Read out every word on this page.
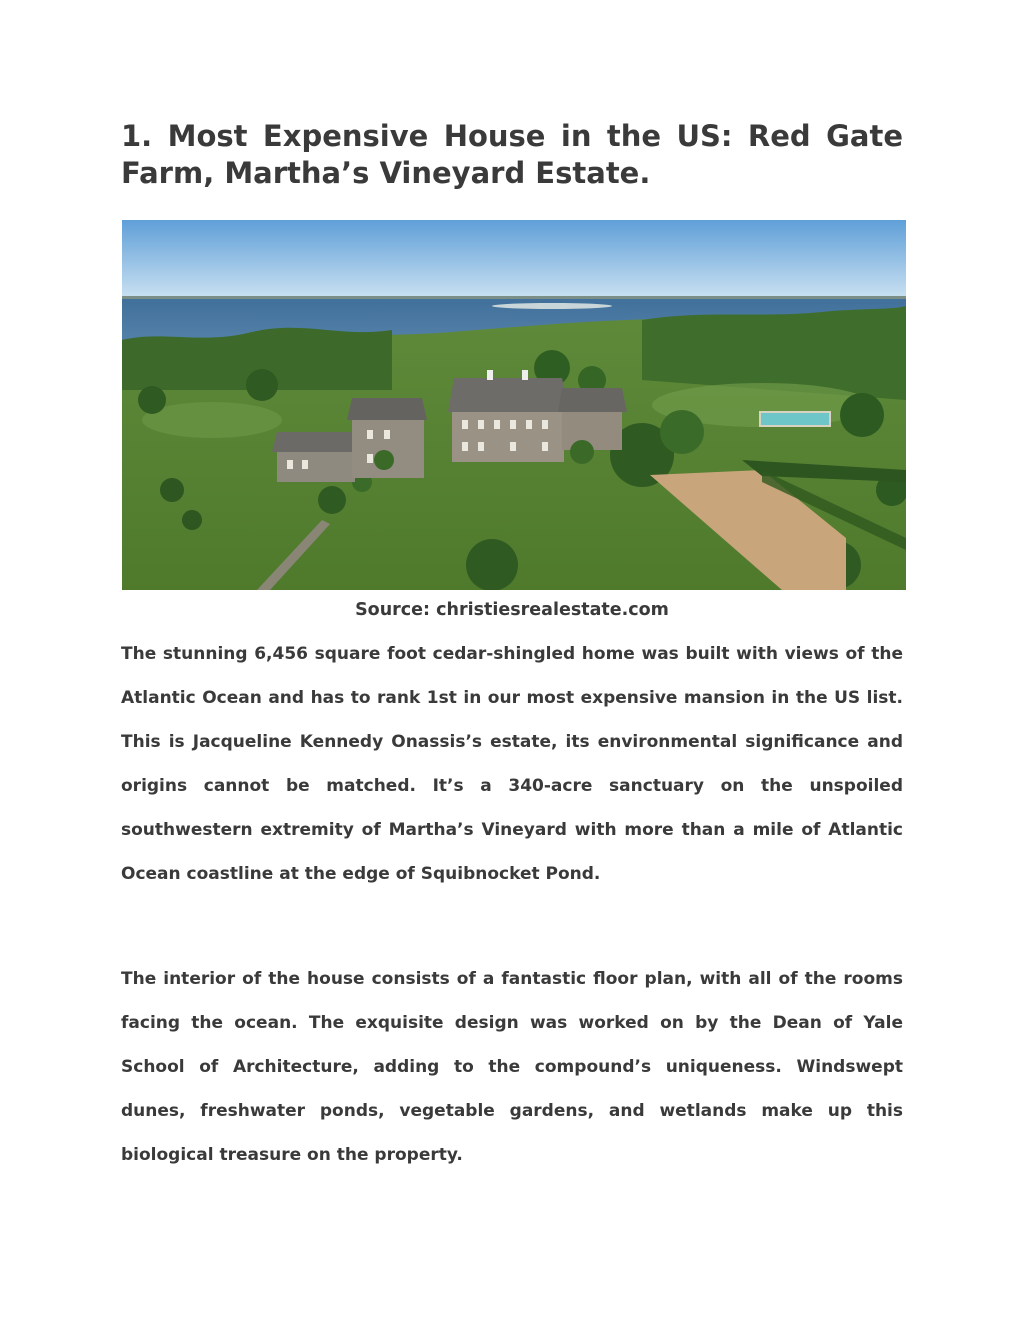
1. Most Expensive House in the US: Red Gate Farm, Martha’s Vineyard Estate.
Source: christiesrealestate.com

The stunning 6,456 square foot cedar-shingled home was built with views of the Atlantic Ocean and has to rank 1st in our most expensive mansion in the US list. This is Jacqueline Kennedy Onassis’s estate, its environmental significance and origins cannot be matched. It’s a 340-acre sanctuary on the unspoiled southwestern extremity of Martha’s Vineyard with more than a mile of Atlantic Ocean coastline at the edge of Squibnocket Pond.

The interior of the house consists of a fantastic floor plan, with all of the rooms facing the ocean. The exquisite design was worked on by the Dean of Yale School of Architecture, adding to the compound’s uniqueness. Windswept dunes, freshwater ponds, vegetable gardens, and wetlands make up this biological treasure on the property.
